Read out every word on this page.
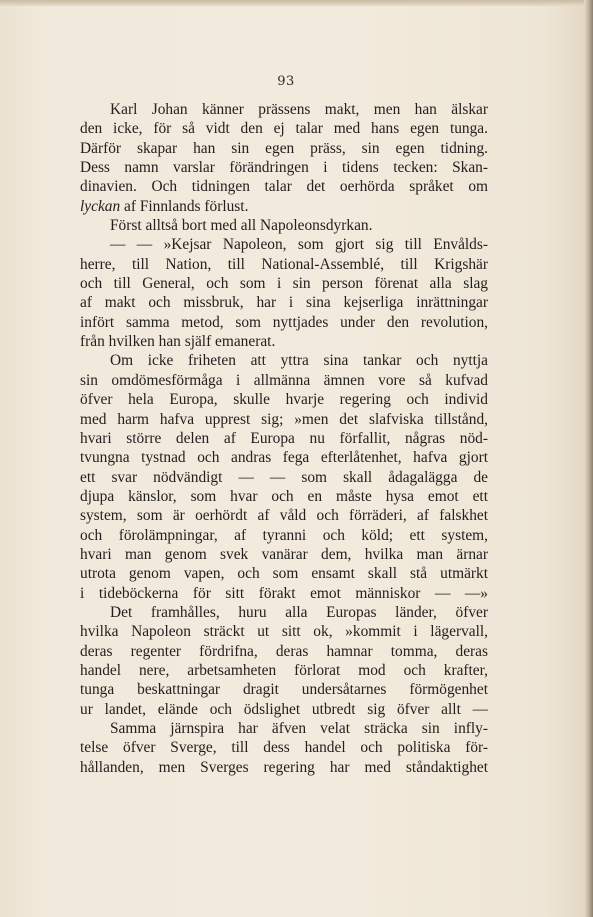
93
Karl Johan känner prässens makt, men han älskar
den icke, för så vidt den ej talar med hans egen tunga.
Därför skapar han sin egen präss, sin egen tidning.
Dess namn varslar förändringen i tidens tecken: Skan-
dinavien. Och tidningen talar det oerhörda språket om
lyckan af Finnlands förlust.
Först alltså bort med all Napoleonsdyrkan.
— — »Kejsar Napoleon, som gjort sig till Envålds-
herre, till Nation, till National-Assemblé, till Krigshär
och till General, och som i sin person förenat alla slag
af makt och missbruk, har i sina kejserliga inrättningar
infört samma metod, som nyttjades under den revolution,
från hvilken han själf emanerat.
Om icke friheten att yttra sina tankar och nyttja
sin omdömesförmåga i allmänna ämnen vore så kufvad
öfver hela Europa, skulle hvarje regering och individ
med harm hafva upprest sig; »men det slafviska tillstånd,
hvari större delen af Europa nu förfallit, någras nöd-
tvungna tystnad och andras fega efterlåtenhet, hafva gjort
ett svar nödvändigt — — som skall ådagalägga de
djupa känslor, som hvar och en måste hysa emot ett
system, som är oerhördt af våld och förräderi, af falskhet
och förolämpningar, af tyranni och köld; ett system,
hvari man genom svek vanärar dem, hvilka man ärnar
utrota genom vapen, och som ensamt skall stå utmärkt
i tideböckerna för sitt förakt emot människor — —»
Det framhålles, huru alla Europas länder, öfver
hvilka Napoleon sträckt ut sitt ok, »kommit i lägervall,
deras regenter fördrifna, deras hamnar tomma, deras
handel nere, arbetsamheten förlorat mod och krafter,
tunga beskattningar dragit undersåtarnes förmögenhet
ur landet, elände och ödslighet utbredt sig öfver allt —
Samma järnspira har äfven velat sträcka sin infly-
telse öfver Sverge, till dess handel och politiska för-
hållanden, men Sverges regering har med ståndaktighet
